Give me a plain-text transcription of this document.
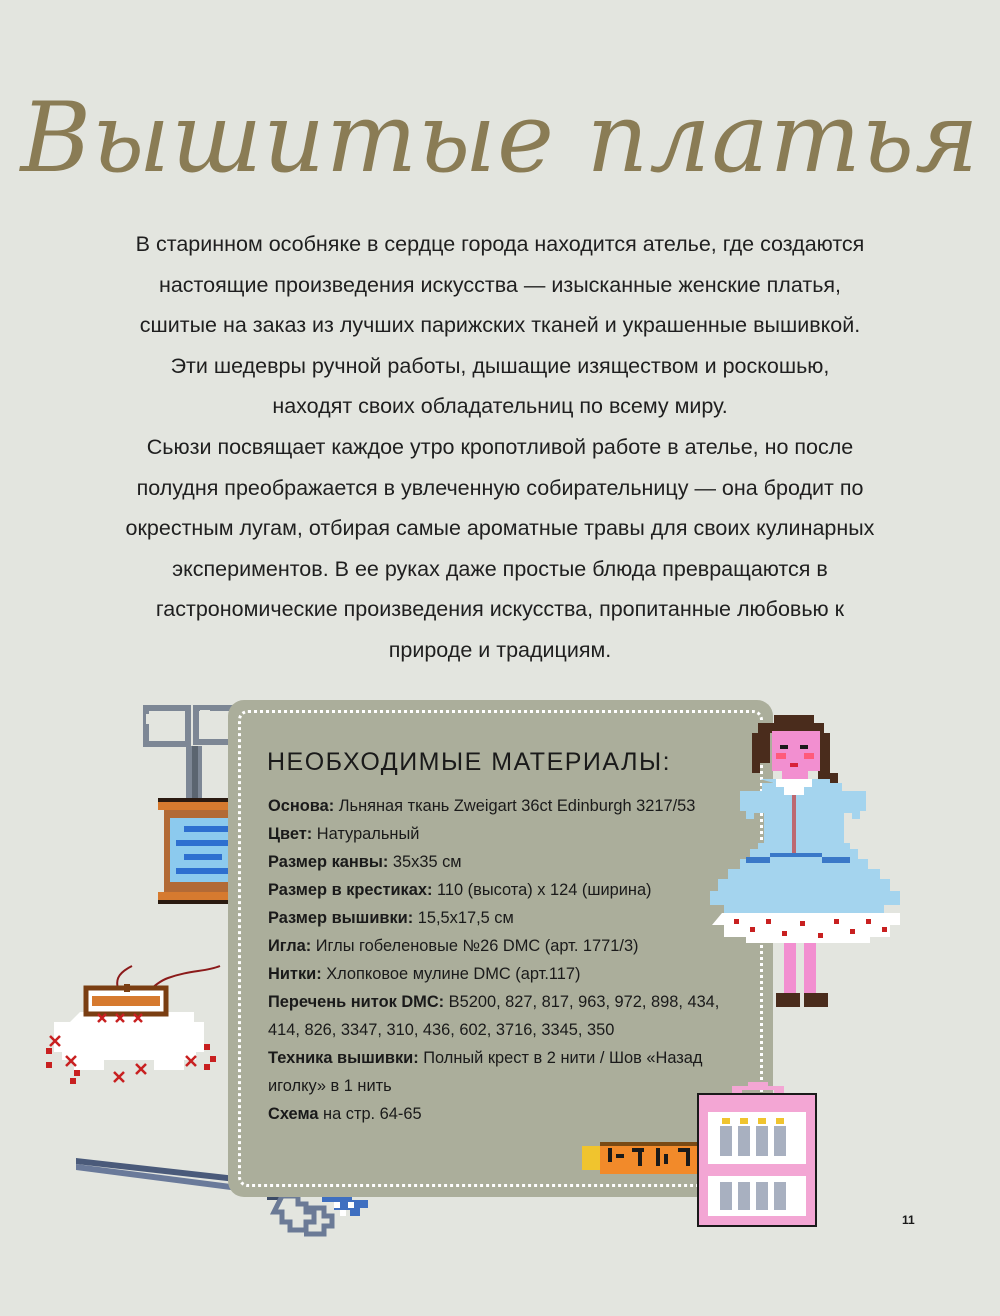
Вышитые платья

В старинном особняке в сердце города находится ателье, где создаются

настоящие произведения искусства — изысканные женские платья,

сшитые на заказ из лучших парижских тканей и украшенные вышивкой.

Эти шедевры ручной работы, дышащие изяществом и роскошью,

находят своих обладательниц по всему миру.

Сьюзи посвящает каждое утро кропотливой работе в ателье, но после

полудня преображается в увлеченную собирательницу — она бродит по

окрестным лугам, отбирая самые ароматные травы для своих кулинарных

экспериментов. В ее руках даже простые блюда превращаются в

гастрономические произведения искусства, пропитанные любовью к

природе и традициям.

НЕОБХОДИМЫЕ МАТЕРИАЛЫ:
Основа: Льняная ткань Zweigart 36ct Edinburgh 3217/53
Цвет: Натуральный
Размер канвы: 35x35 см
Размер в крестиках: 110 (высота) х 124 (ширина)
Размер вышивки: 15,5x17,5 см
Игла: Иглы гобеленовые №26 DMC (арт. 1771/3)
Нитки: Хлопковое мулине DMC (арт.117)
Перечень ниток DMC: B5200, 827, 817, 963, 972, 898, 434, 414, 826, 3347, 310, 436, 602, 3716, 3345, 350
Техника вышивки: Полный крест в 2 нити / Шов «Назад иголку» в 1 нить
Схема на стр. 64-65
11
